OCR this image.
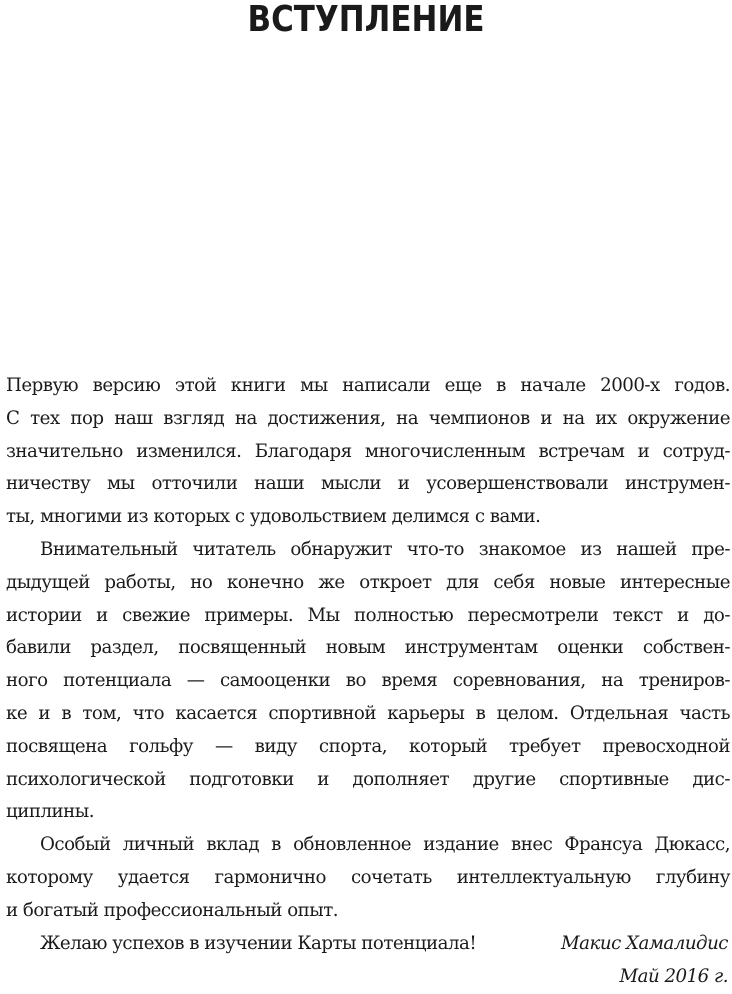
ВСТУПЛЕНИЕ
Первую версию этой книги мы написали еще в начале 2000-х годов.
С тех пор наш взгляд на достижения, на чемпионов и на их окружение
значительно изменился. Благодаря многочисленным встречам и сотруд-
ничеству мы отточили наши мысли и усовершенствовали инструмен-
ты, многими из которых с удовольствием делимся с вами.
Внимательный читатель обнаружит что-то знакомое из нашей пре-
дыдущей работы, но конечно же откроет для себя новые интересные
истории и свежие примеры. Мы полностью пересмотрели текст и до-
бавили раздел, посвященный новым инструментам оценки собствен-
ного потенциала — самооценки во время соревнования, на трениров-
ке и в том, что касается спортивной карьеры в целом. Отдельная часть
посвящена гольфу — виду спорта, который требует превосходной
психологической подготовки и дополняет другие спортивные дис-
циплины.
Особый личный вклад в обновленное издание внес Франсуа Дюкасс,
которому удается гармонично сочетать интеллектуальную глубину
и богатый профессиональный опыт.
Желаю успехов в изучении Карты потенциала!	Макис Хамалидис
Май 2016 г.
